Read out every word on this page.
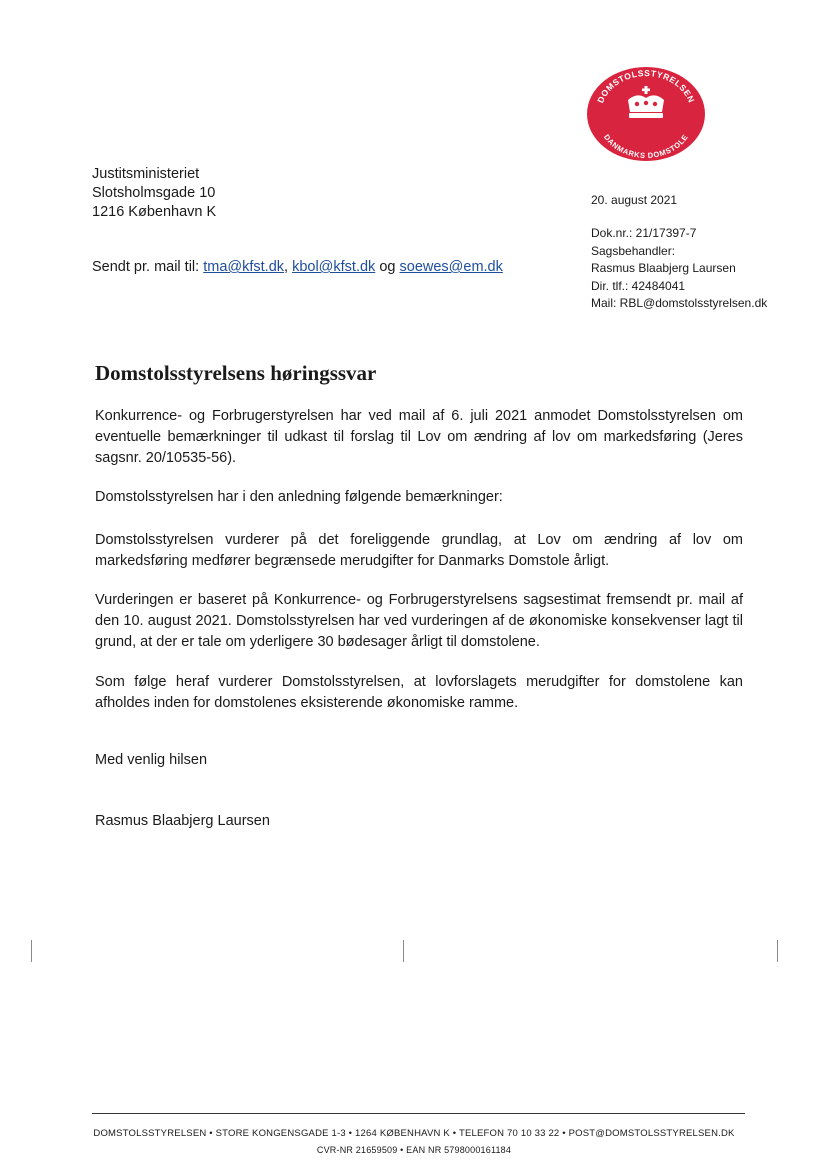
DOMSTOLSSTYRELSEN
DANMARKS DOMSTOLE
Justitsministeriet
Slotsholmsgade 10
1216 København K
Sendt pr. mail til: tma@kfst.dk, kbol@kfst.dk og soewes@em.dk
20. august 2021
Dok.nr.: 21/17397-7
Sagsbehandler:
Rasmus Blaabjerg Laursen
Dir. tlf.: 42484041
Mail: RBL@domstolsstyrelsen.dk
Domstolsstyrelsens høringssvar
Konkurrence- og Forbrugerstyrelsen har ved mail af 6. juli 2021 anmodet Domstolsstyrelsen om eventuelle bemærkninger til udkast til forslag til Lov om ændring af lov om markedsføring (Jeres sagsnr. 20/10535-56).
Domstolsstyrelsen har i den anledning følgende bemærkninger:
Domstolsstyrelsen vurderer på det foreliggende grundlag, at Lov om ændring af lov om markedsføring medfører begrænsede merudgifter for Danmarks Domstole årligt.
Vurderingen er baseret på Konkurrence- og Forbrugerstyrelsens sagsestimat fremsendt pr. mail af den 10. august 2021. Domstolsstyrelsen har ved vurderingen af de økonomiske konsekvenser lagt til grund, at der er tale om yderligere 30 bødesager årligt til domstolene.
Som følge heraf vurderer Domstolsstyrelsen, at lovforslagets merudgifter for domstolene kan afholdes inden for domstolenes eksisterende økonomiske ramme.
Med venlig hilsen
Rasmus Blaabjerg Laursen
DOMSTOLSSTYRELSEN • STORE KONGENSGADE 1-3 • 1264 KØBENHAVN K • TELEFON 70 10 33 22 • POST@DOMSTOLSSTYRELSEN.DK
CVR-NR 21659509 • EAN NR 5798000161184
